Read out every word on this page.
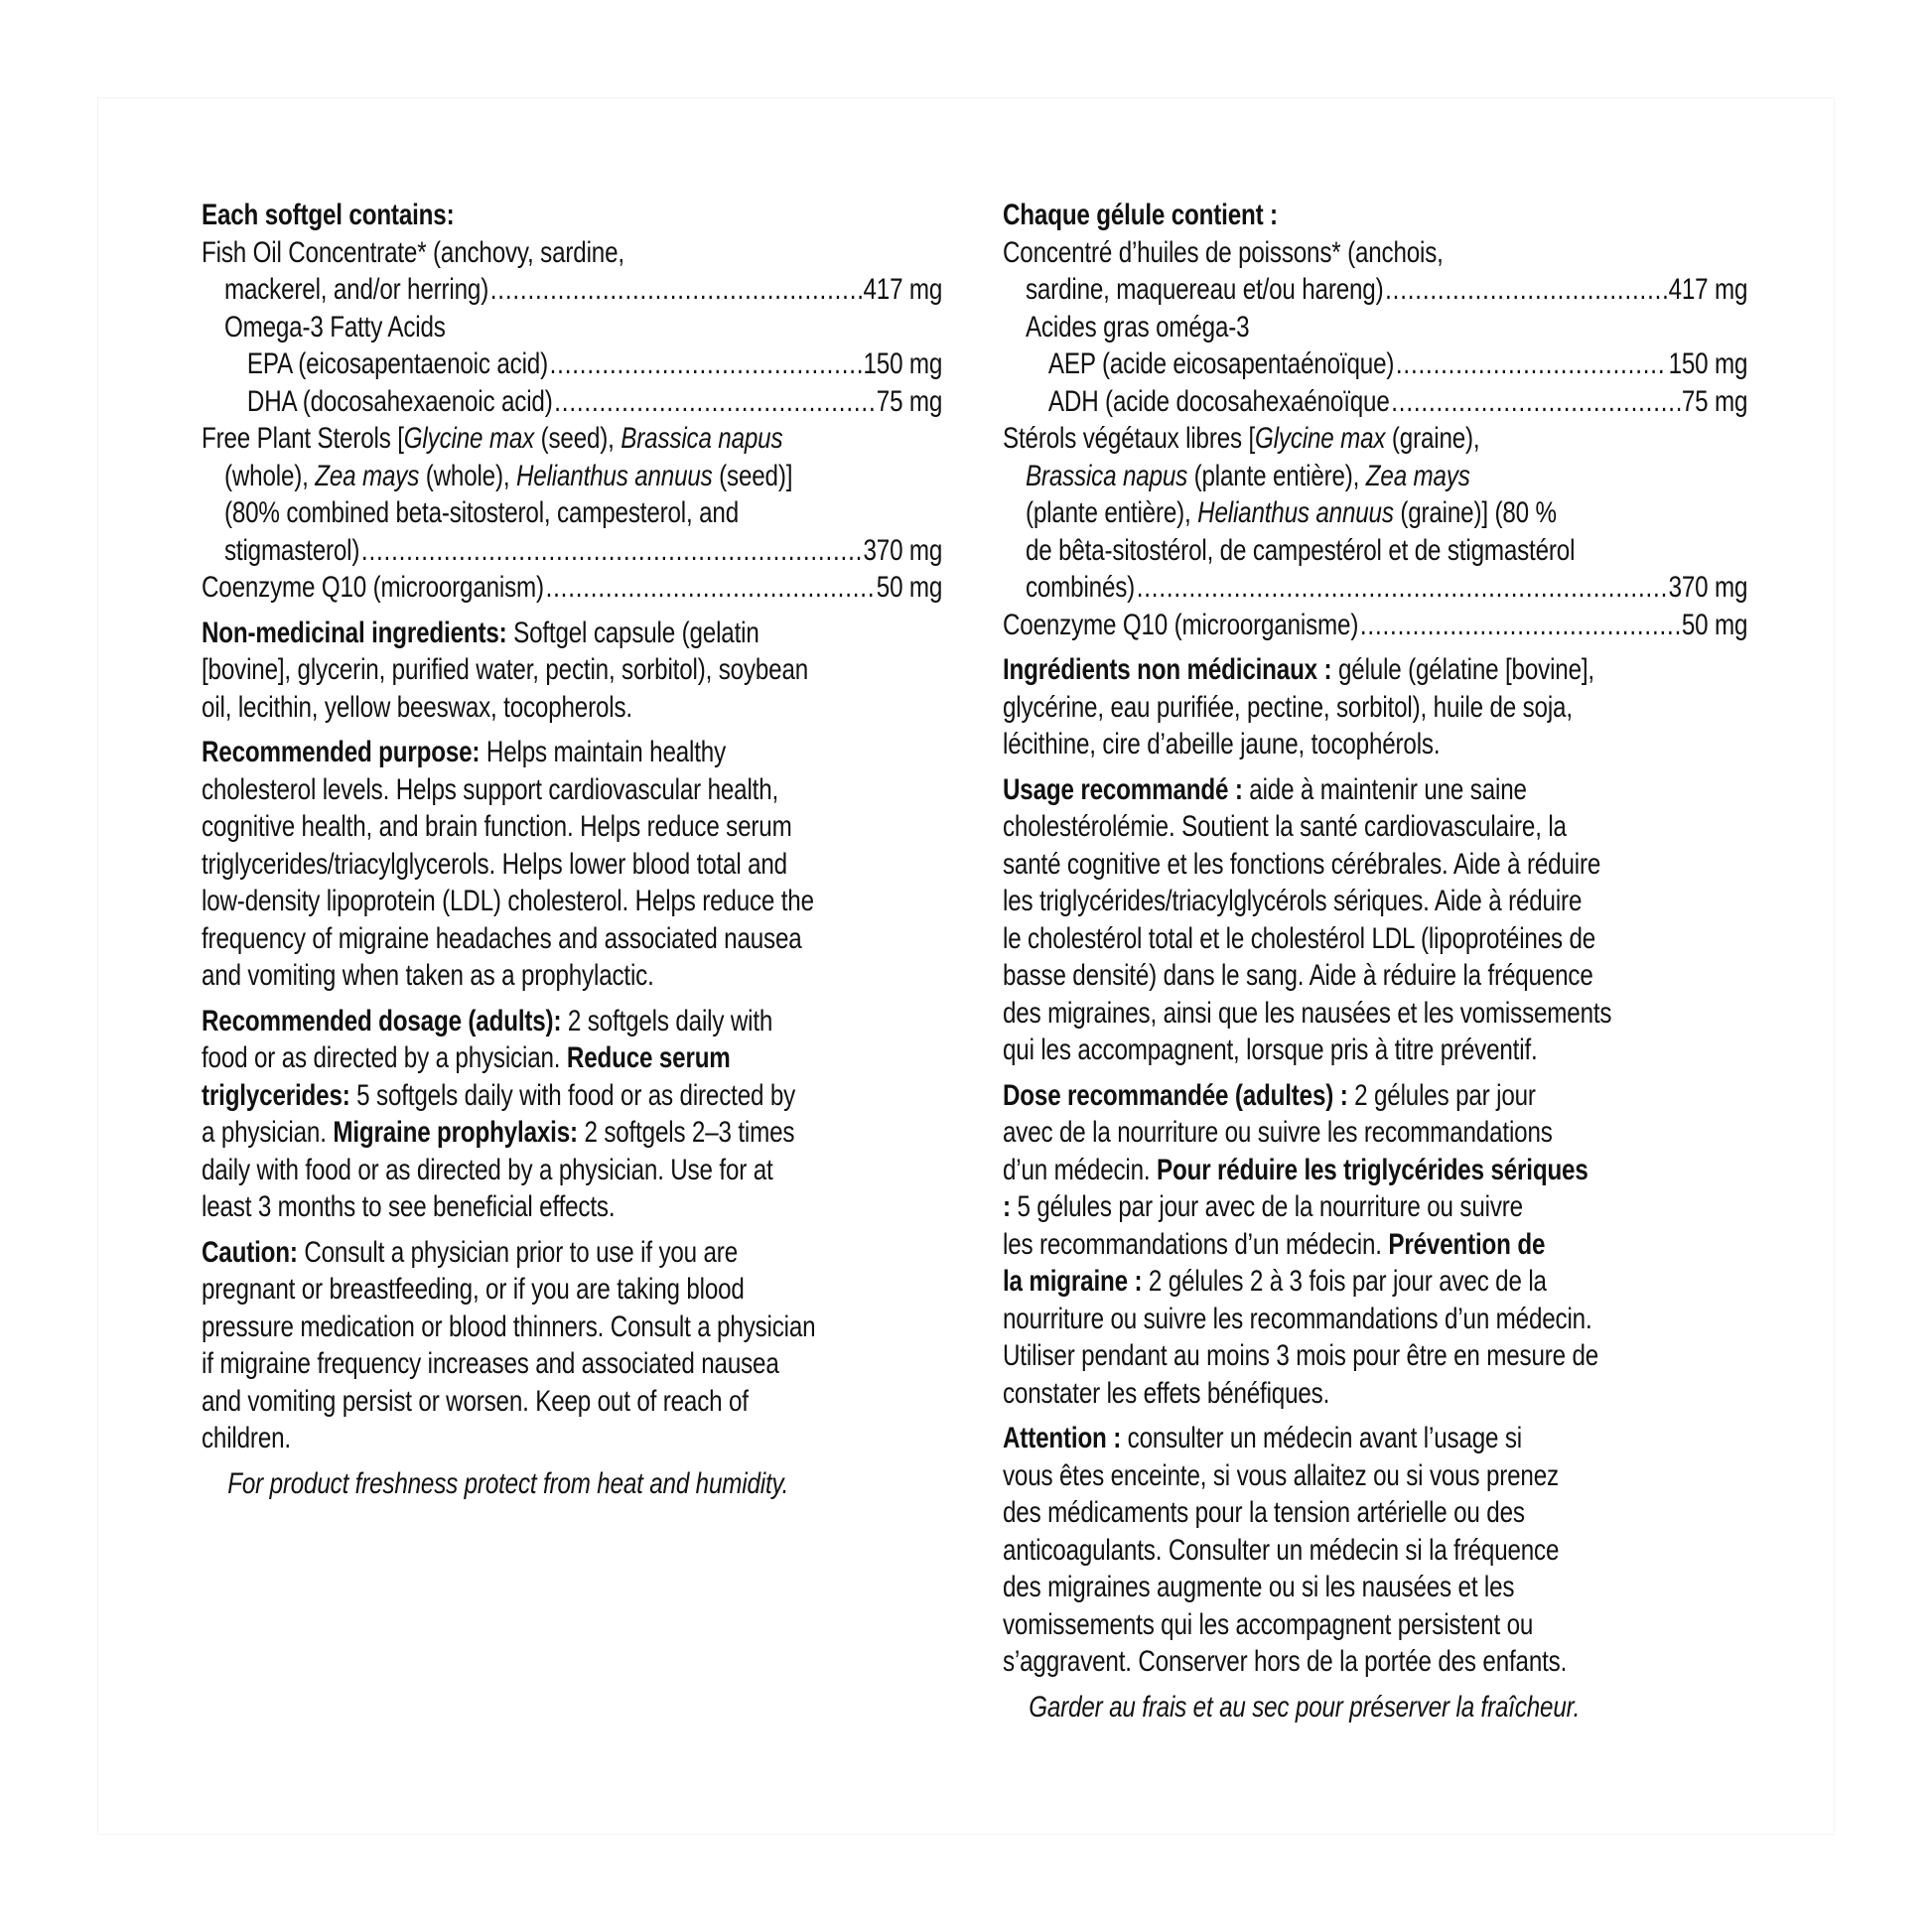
Each softgel contains:
Fish Oil Concentrate* (anchovy, sardine,
mackerel, and/or herring) .....	417 mg
Omega-3 Fatty Acids
EPA (eicosapentaenoic acid) .....	150 mg
DHA (docosahexaenoic acid) .....	75 mg
Free Plant Sterols [Glycine max (seed), Brassica napus
(whole), Zea mays (whole), Helianthus annuus (seed)]
(80% combined beta-sitosterol, campesterol, and
stigmasterol) .....	370 mg
Coenzyme Q10 (microorganism) .....	50 mg
Non-medicinal ingredients: Softgel capsule (gelatin
[bovine], glycerin, purified water, pectin, sorbitol), soybean
oil, lecithin, yellow beeswax, tocopherols.
Recommended purpose: Helps maintain healthy
cholesterol levels. Helps support cardiovascular health,
cognitive health, and brain function. Helps reduce serum
triglycerides/triacylglycerols. Helps lower blood total and
low-density lipoprotein (LDL) cholesterol. Helps reduce the
frequency of migraine headaches and associated nausea
and vomiting when taken as a prophylactic.
Recommended dosage (adults): 2 softgels daily with
food or as directed by a physician. Reduce serum
triglycerides: 5 softgels daily with food or as directed by
a physician. Migraine prophylaxis: 2 softgels 2–3 times
daily with food or as directed by a physician. Use for at
least 3 months to see beneficial effects.
Caution: Consult a physician prior to use if you are
pregnant or breastfeeding, or if you are taking blood
pressure medication or blood thinners. Consult a physician
if migraine frequency increases and associated nausea
and vomiting persist or worsen. Keep out of reach of
children.
For product freshness protect from heat and humidity.
Chaque gélule contient :
Concentré d’huiles de poissons* (anchois,
sardine, maquereau et/ou hareng) .....	417 mg
Acides gras oméga-3
AEP (acide eicosapentaénoïque) .....	150 mg
ADH (acide docosahexaénoïque .....	75 mg
Stérols végétaux libres [Glycine max (graine),
Brassica napus (plante entière), Zea mays
(plante entière), Helianthus annuus (graine)] (80 %
de bêta-sitostérol, de campestérol et de stigmastérol
combinés) .....	370 mg
Coenzyme Q10 (microorganisme) .....	50 mg
Ingrédients non médicinaux : gélule (gélatine [bovine],
glycérine, eau purifiée, pectine, sorbitol), huile de soja,
lécithine, cire d’abeille jaune, tocophérols.
Usage recommandé : aide à maintenir une saine
cholestérolémie. Soutient la santé cardiovasculaire, la
santé cognitive et les fonctions cérébrales. Aide à réduire
les triglycérides/triacylglycérols sériques. Aide à réduire
le cholestérol total et le cholestérol LDL (lipoprotéines de
basse densité) dans le sang. Aide à réduire la fréquence
des migraines, ainsi que les nausées et les vomissements
qui les accompagnent, lorsque pris à titre préventif.
Dose recommandée (adultes) : 2 gélules par jour
avec de la nourriture ou suivre les recommandations
d’un médecin. Pour réduire les triglycérides sériques
: 5 gélules par jour avec de la nourriture ou suivre
les recommandations d’un médecin. Prévention de
la migraine : 2 gélules 2 à 3 fois par jour avec de la
nourriture ou suivre les recommandations d’un médecin.
Utiliser pendant au moins 3 mois pour être en mesure de
constater les effets bénéfiques.
Attention : consulter un médecin avant l’usage si
vous êtes enceinte, si vous allaitez ou si vous prenez
des médicaments pour la tension artérielle ou des
anticoagulants. Consulter un médecin si la fréquence
des migraines augmente ou si les nausées et les
vomissements qui les accompagnent persistent ou
s’aggravent. Conserver hors de la portée des enfants.
Garder au frais et au sec pour préserver la fraîcheur.
